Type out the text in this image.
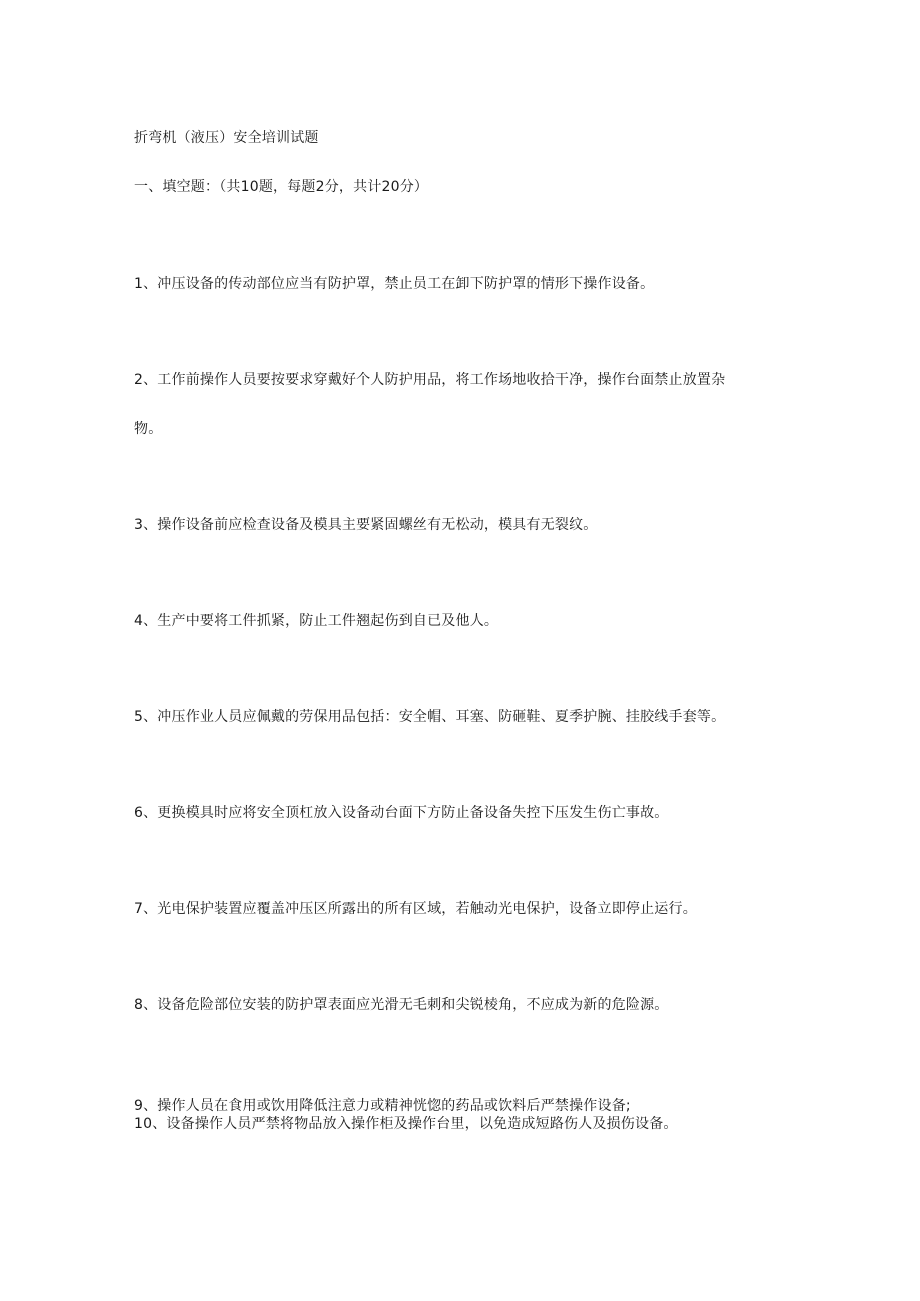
折弯机（液压）安全培训试题
一、填空题：（共10题，每题2分，共计20分）
1、冲压设备的传动部位应当有防护罩，禁止员工在卸下防护罩的情形下操作设备。
2、工作前操作人员要按要求穿戴好个人防护用品，将工作场地收拾干净，操作台面禁止放置杂
物。
3、操作设备前应检查设备及模具主要紧固螺丝有无松动，模具有无裂纹。
4、生产中要将工件抓紧，防止工件翘起伤到自已及他人。
5、冲压作业人员应佩戴的劳保用品包括：安全帽、耳塞、防砸鞋、夏季护腕、挂胶线手套等。
6、更换模具时应将安全顶杠放入设备动台面下方防止备设备失控下压发生伤亡事故。
7、光电保护装置应覆盖冲压区所露出的所有区域，若触动光电保护，设备立即停止运行。
8、设备危险部位安装的防护罩表面应光滑无毛刺和尖锐棱角，不应成为新的危险源。
9、操作人员在食用或饮用降低注意力或精神恍惚的药品或饮料后严禁操作设备;
10、设备操作人员严禁将物品放入操作柜及操作台里，以免造成短路伤人及损伤设备。
